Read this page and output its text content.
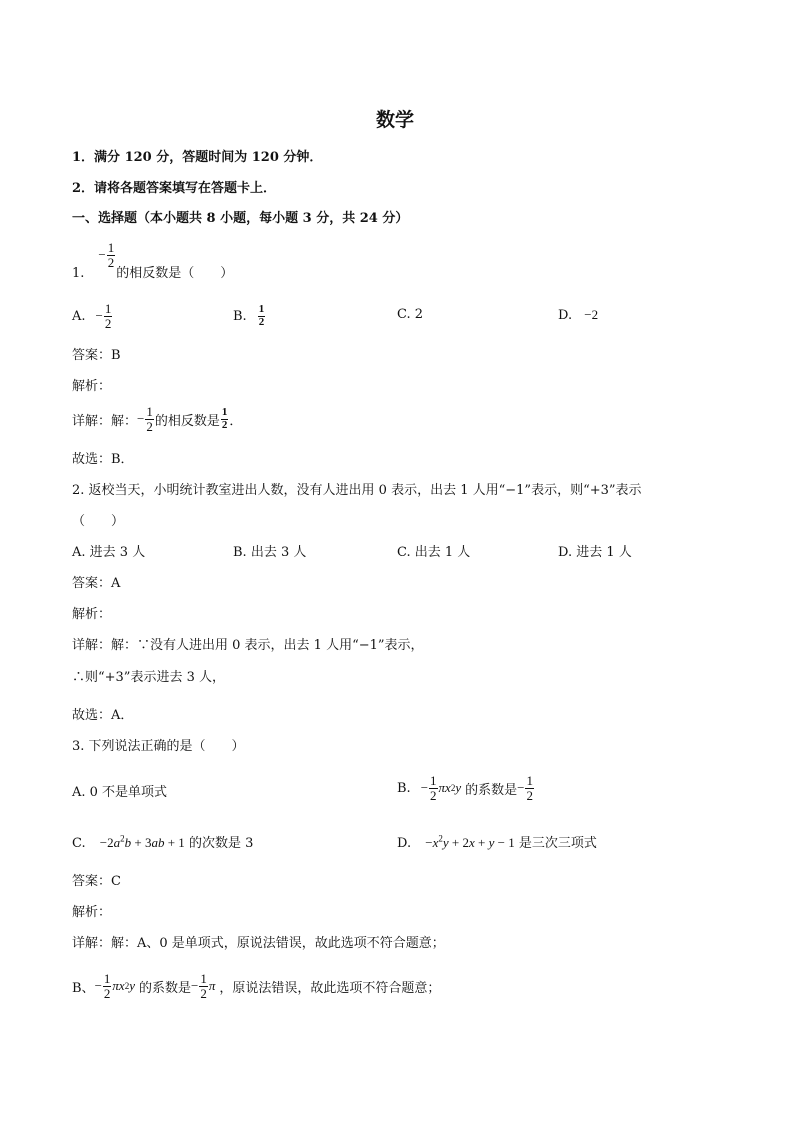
数学
1．满分 120 分，答题时间为 120 分钟．
2．请将各题答案填写在答题卡上．
一、选择题（本小题共 8 小题，每小题 3 分，共 24 分）
1.
− $\frac{1}{2}$
的相反数是（　　）
A. − $\frac{1}{2}$	B. $\frac{1}{2}$	C. 2	D. −2
答案：B
解析：
详解：解： − $\frac{1}{2}$ 的相反数是 $\frac{1}{2}$ ．
故选：B．
2. 返校当天，小明统计教室进出人数，没有人进出用 0 表示，出去 1 人用“−1”表示，则“+3”表示
（　　）
A. 进去 3 人	B. 出去 3 人	C. 出去 1 人	D. 进去 1 人
答案：A
解析：
详解：解：∵没有人进出用 0 表示，出去 1 人用“−1”表示，
∴则“+3”表示进去 3 人，
故选：A．
3. 下列说法正确的是（　　）
A. 0 不是单项式	B. − $\frac{1}{2}$ π x 2 y 的系数是 − $\frac{1}{2}$
C. $-2a^2b + 3ab + 1$ 的次数是 3	D. $-x^2y + 2x + y - 1$ 是三次三项式
答案：C
解析：
详解：解：A、0 是单项式，原说法错误，故此选项不符合题意；
B、 − $\frac{1}{2}$ π x 2 y 的系数是 − $\frac{1}{2}$ π ，原说法错误，故此选项不符合题意；
